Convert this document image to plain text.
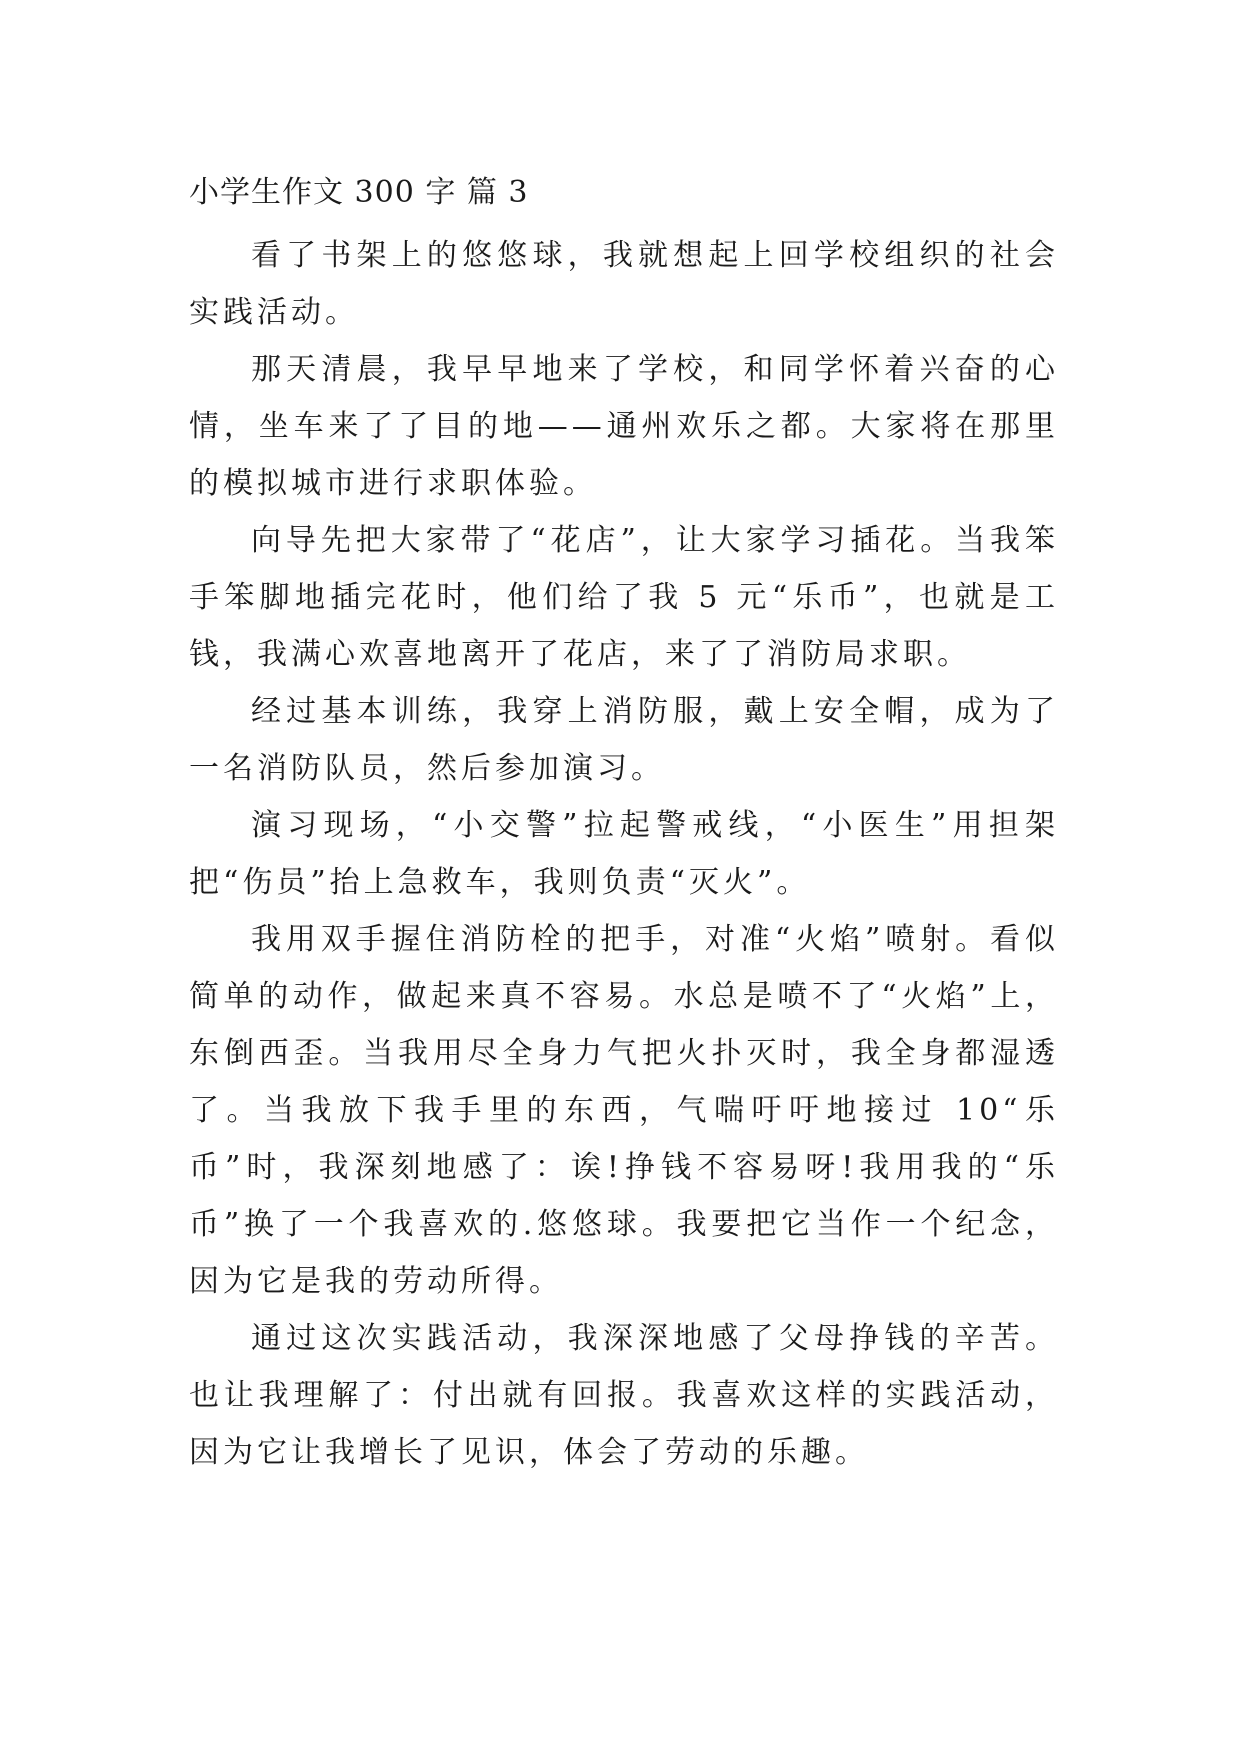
小学生作文 300 字 篇 3

看了书架上的悠悠球，我就想起上回学校组织的社会实践活动。

那天清晨，我早早地来了学校，和同学怀着兴奋的心情，坐车来了了目的地——通州欢乐之都。大家将在那里的模拟城市进行求职体验。

向导先把大家带了“花店”，让大家学习插花。当我笨手笨脚地插完花时，他们给了我 5 元“乐币”，也就是工钱，我满心欢喜地离开了花店，来了了消防局求职。

经过基本训练，我穿上消防服，戴上安全帽，成为了一名消防队员，然后参加演习。

演习现场，“小交警”拉起警戒线，“小医生”用担架把“伤员”抬上急救车，我则负责“灭火”。

我用双手握住消防栓的把手，对准“火焰”喷射。看似简单的动作，做起来真不容易。水总是喷不了“火焰”上，东倒西歪。当我用尽全身力气把火扑灭时，我全身都湿透了。当我放下我手里的东西，气喘吁吁地接过 10“乐币”时，我深刻地感了：诶!挣钱不容易呀!我用我的“乐币”换了一个我喜欢的.悠悠球。我要把它当作一个纪念，因为它是我的劳动所得。

通过这次实践活动，我深深地感了父母挣钱的辛苦。也让我理解了：付出就有回报。我喜欢这样的实践活动，因为它让我增长了见识，体会了劳动的乐趣。
